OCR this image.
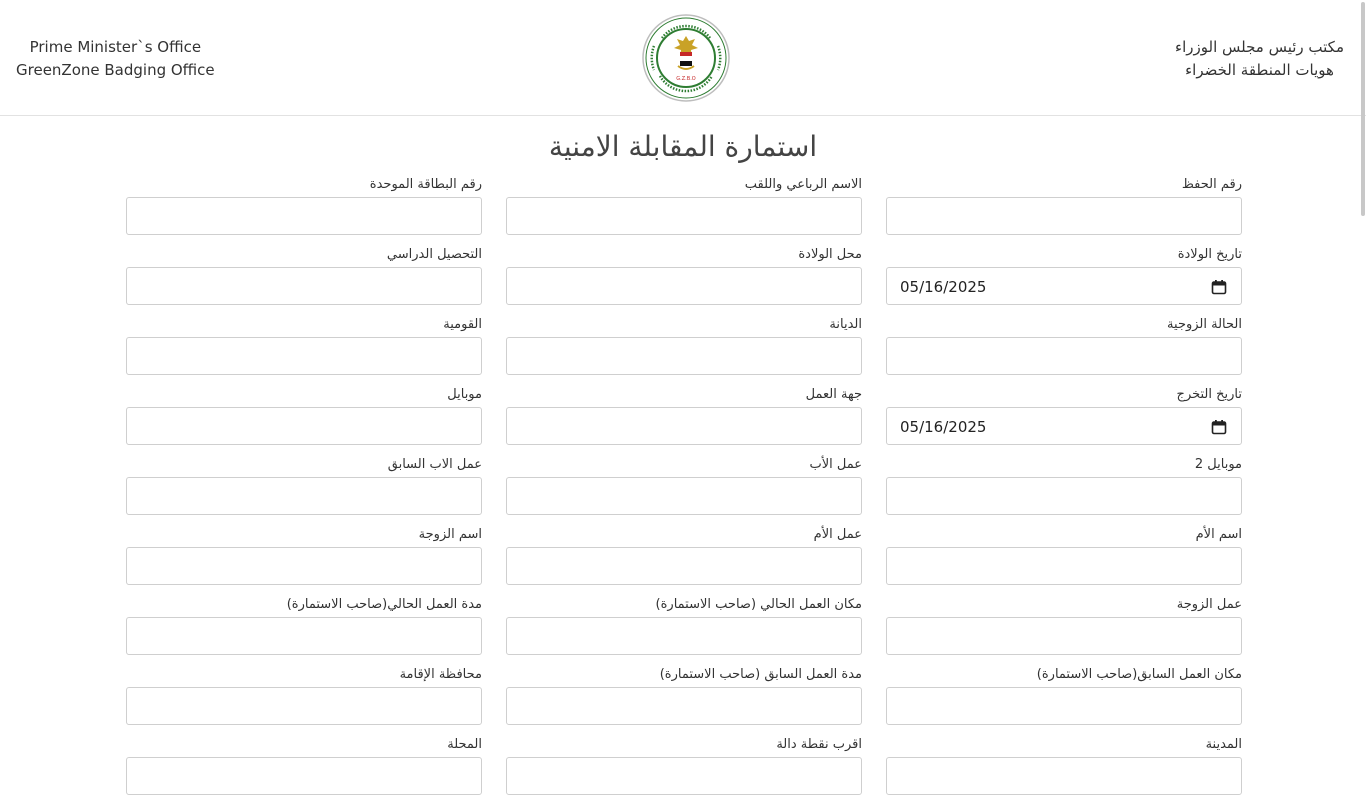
Prime Minister`s Office
GreenZone Badging Office	G.Z.B.O
مكتب رئيس مجلس الوزراء
هويات المنطقة الخضراء
استمارة المقابلة الامنية
رقم الحفظ
الاسم الرباعي واللقب
رقم البطاقة الموحدة
تاريخ الولادة
05/16/2025
محل الولادة
التحصيل الدراسي
الحالة الزوجية
الديانة
القومية
تاريخ التخرج
05/16/2025
جهة العمل
موبايل
موبايل 2
عمل الأب
عمل الاب السابق
اسم الأم
عمل الأم
اسم الزوجة
عمل الزوجة
مكان العمل الحالي (صاحب الاستمارة)
مدة العمل الحالي(صاحب الاستمارة)
مكان العمل السابق(صاحب الاستمارة)
مدة العمل السابق (صاحب الاستمارة)
محافظة الإقامة
المدينة
اقرب نقطة دالة
المحلة
